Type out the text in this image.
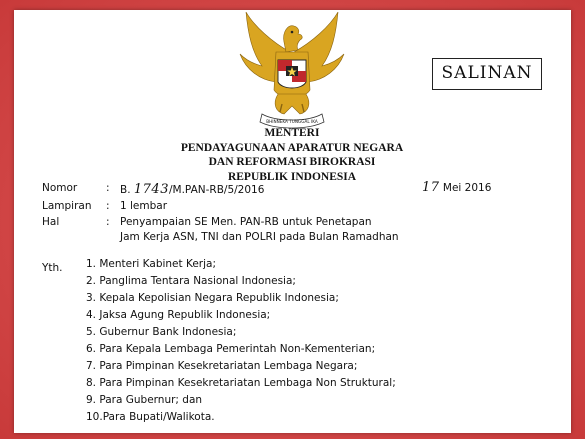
BHINNEKA TUNGGAL IKA
SALINAN
MENTERI
PENDAYAGUNAAN APARATUR NEGARA
DAN REFORMASI BIROKRASI
REPUBLIK INDONESIA
Nomor	: B. 1743/M.PAN-RB/5/2016	17 Mei 2016
Lampiran : 1 lembar
Hal	: Penyampaian SE Men. PAN-RB untuk Penetapan
Jam Kerja ASN, TNI dan POLRI pada Bulan Ramadhan
Yth. 1. Menteri Kabinet Kerja;
2. Panglima Tentara Nasional Indonesia;
3. Kepala Kepolisian Negara Republik Indonesia;
4. Jaksa Agung Republik Indonesia;
5. Gubernur Bank Indonesia;
6. Para Kepala Lembaga Pemerintah Non-Kementerian;
7. Para Pimpinan Kesekretariatan Lembaga Negara;
8. Para Pimpinan Kesekretariatan Lembaga Non Struktural;
9. Para Gubernur; dan
10.Para Bupati/Walikota.
